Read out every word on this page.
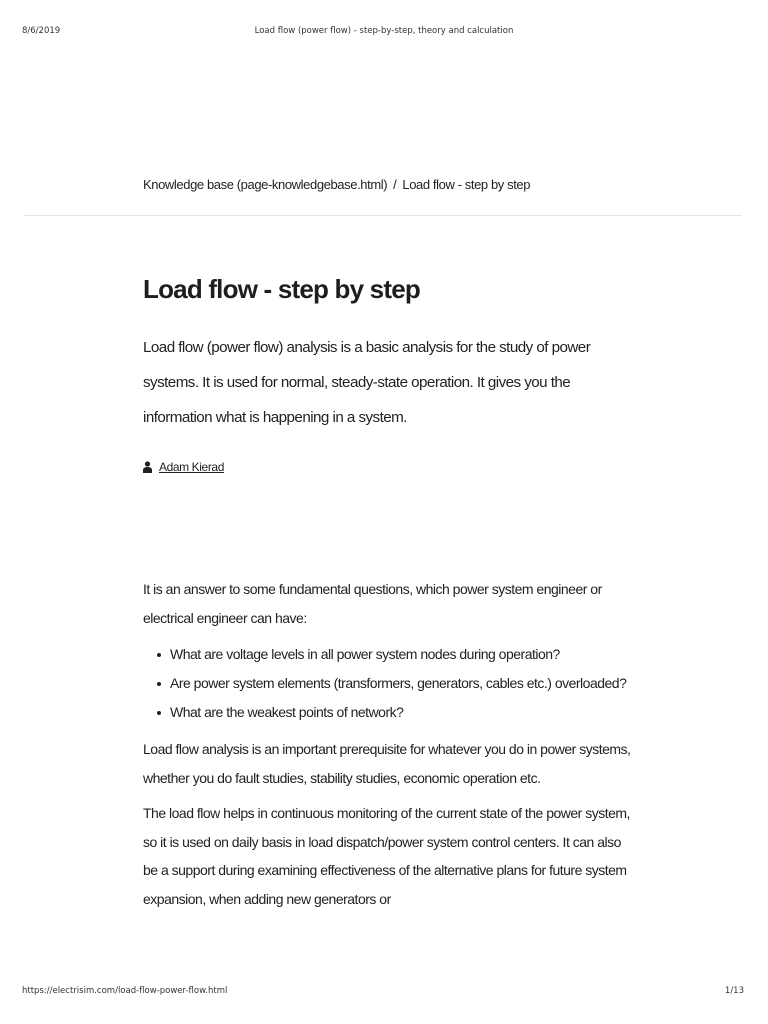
8/6/2019	Load flow (power flow) - step-by-step, theory and calculation
Knowledge base (page-knowledgebase.html) / Load flow - step by step
Load flow - step by step

Load flow (power flow) analysis is a basic analysis for the study of power systems. It is used for normal, steady-state operation. It gives you the information what is happening in a system.

Adam Kierad

It is an answer to some fundamental questions, which power system engineer or electrical engineer can have:

What are voltage levels in all power system nodes during operation?
Are power system elements (transformers, generators, cables etc.) overloaded?
What are the weakest points of network?

Load flow analysis is an important prerequisite for whatever you do in power systems, whether you do fault studies, stability studies, economic operation etc.

The load flow helps in continuous monitoring of the current state of the power system, so it is used on daily basis in load dispatch/power system control centers. It can also be a support during examining effectiveness of the alternative plans for future system expansion, when adding new generators or

https://electrisim.com/load-flow-power-flow.html	1/13
